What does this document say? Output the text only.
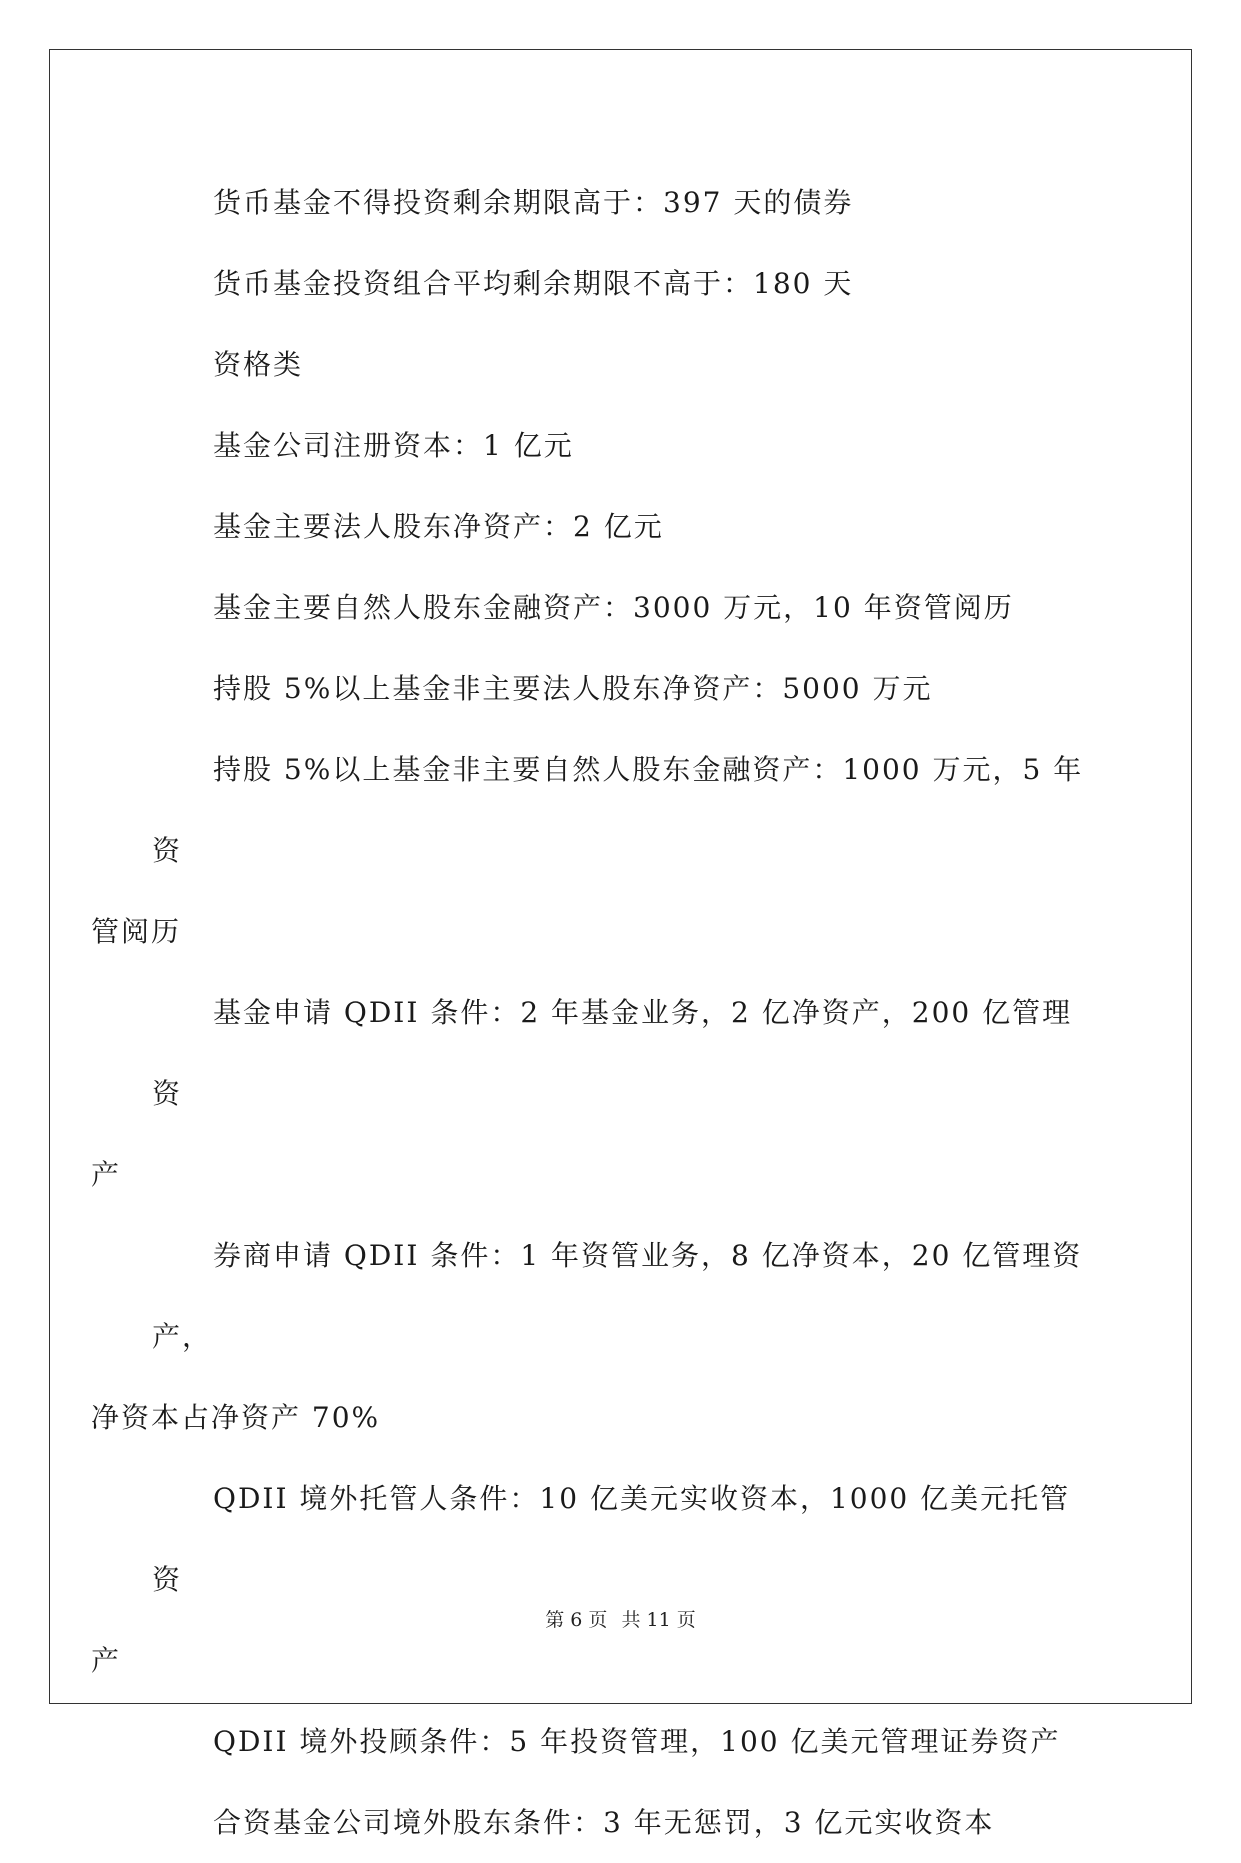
货币基金不得投资剩余期限高于：397 天的债券

货币基金投资组合平均剩余期限不高于：180 天

资格类

基金公司注册资本：1 亿元

基金主要法人股东净资产：2 亿元

基金主要自然人股东金融资产：3000 万元，10 年资管阅历

持股 5%以上基金非主要法人股东净资产：5000 万元

持股 5%以上基金非主要自然人股东金融资产：1000 万元，5 年资
管阅历

基金申请 QDII 条件：2 年基金业务，2 亿净资产，200 亿管理资
产

券商申请 QDII 条件：1 年资管业务，8 亿净资本，20 亿管理资产，
净资本占净资产 70%

QDII 境外托管人条件：10 亿美元实收资本，1000 亿美元托管资
产

QDII 境外投顾条件：5 年投资管理，100 亿美元管理证券资产

合资基金公司境外股东条件：3 年无惩罚，3 亿元实收资本

第 6 页 共 11 页
